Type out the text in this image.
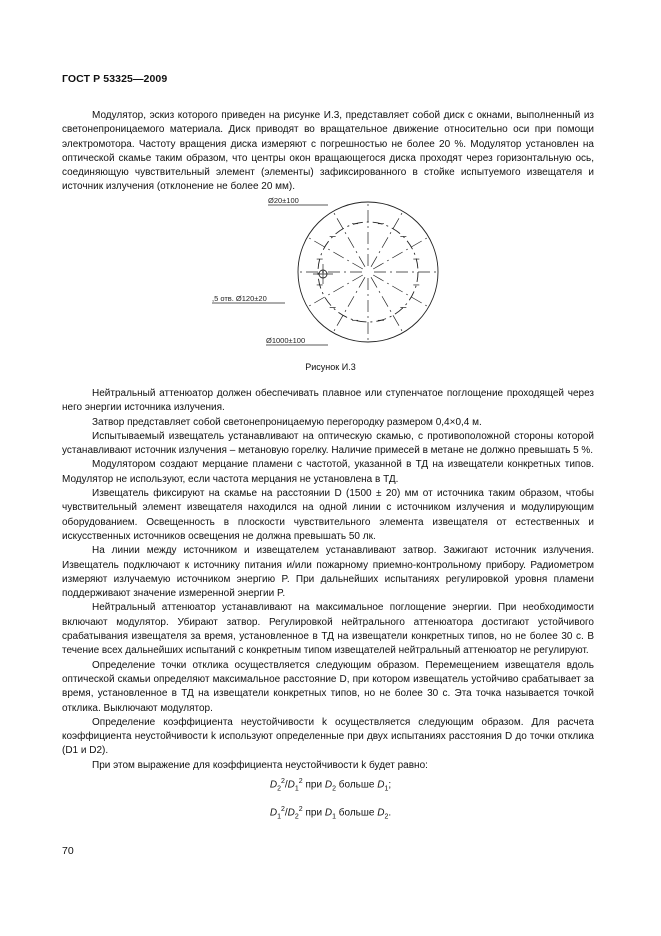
ГОСТ Р 53325—2009

Модулятор, эскиз которого приведен на рисунке И.3, представляет собой диск с окнами, выполненный из светонепроницаемого материала. Диск приводят во вращательное движение относительно оси при помощи электромотора. Частоту вращения диска измеряют с погрешностью не более 20 %. Модулятор установлен на оптической скамье таким образом, что центры окон вращающегося диска проходят через горизонтальную ось, соединяющую чувствительный элемент (элементы) зафиксированного в стойке испытуемого извещателя и источник излучения (отклонение не более 20 мм).

Ø20±100
,5 отв. Ø120±20
Ø1000±100
Рисунок И.3

Нейтральный аттенюатор должен обеспечивать плавное или ступенчатое поглощение проходящей через него энергии источника излучения.

Затвор представляет собой светонепроницаемую перегородку размером 0,4×0,4 м.

Испытываемый извещатель устанавливают на оптическую скамью, с противоположной стороны которой устанавливают источник излучения – метановую горелку. Наличие примесей в метане не должно превышать 5 %.

Модулятором создают мерцание пламени с частотой, указанной в ТД на извещатели конкретных типов. Модулятор не используют, если частота мерцания не установлена в ТД.

Извещатель фиксируют на скамье на расстоянии D (1500 ± 20) мм от источника таким образом, чтобы чувствительный элемент извещателя находился на одной линии с источником излучения и модулирующим оборудованием. Освещенность в плоскости чувствительного элемента извещателя от естественных и искусственных источников освещения не должна превышать 50 лк.

На линии между источником и извещателем устанавливают затвор. Зажигают источник излучения. Извещатель подключают к источнику питания и/или пожарному приемно-контрольному прибору. Радиометром измеряют излучаемую источником энергию P. При дальнейших испытаниях регулировкой уровня пламени поддерживают значение измеренной энергии P.

Нейтральный аттенюатор устанавливают на максимальное поглощение энергии. При необходимости включают модулятор. Убирают затвор. Регулировкой нейтрального аттенюатора достигают устойчивого срабатывания извещателя за время, установленное в ТД на извещатели конкретных типов, но не более 30 с. В течение всех дальнейших испытаний с конкретным типом извещателей нейтральный аттенюатор не регулируют.

Определение точки отклика осуществляется следующим образом. Перемещением извещателя вдоль оптической скамьи определяют максимальное расстояние D, при котором извещатель устойчиво срабатывает за время, установленное в ТД на извещатели конкретных типов, но не более 30 с. Эта точка называется точкой отклика. Выключают модулятор.

Определение коэффициента неустойчивости k осуществляется следующим образом. Для расчета коэффициента неустойчивости k используют определенные при двух испытаниях расстояния D до точки отклика (D1 и D2).

При этом выражение для коэффициента неустойчивости k будет равно:

$D_2^2/D_1^2$ при $D_2$ больше $D_1$;
$D_1^2/D_2^2$ при $D_1$ больше $D_2$.
70
